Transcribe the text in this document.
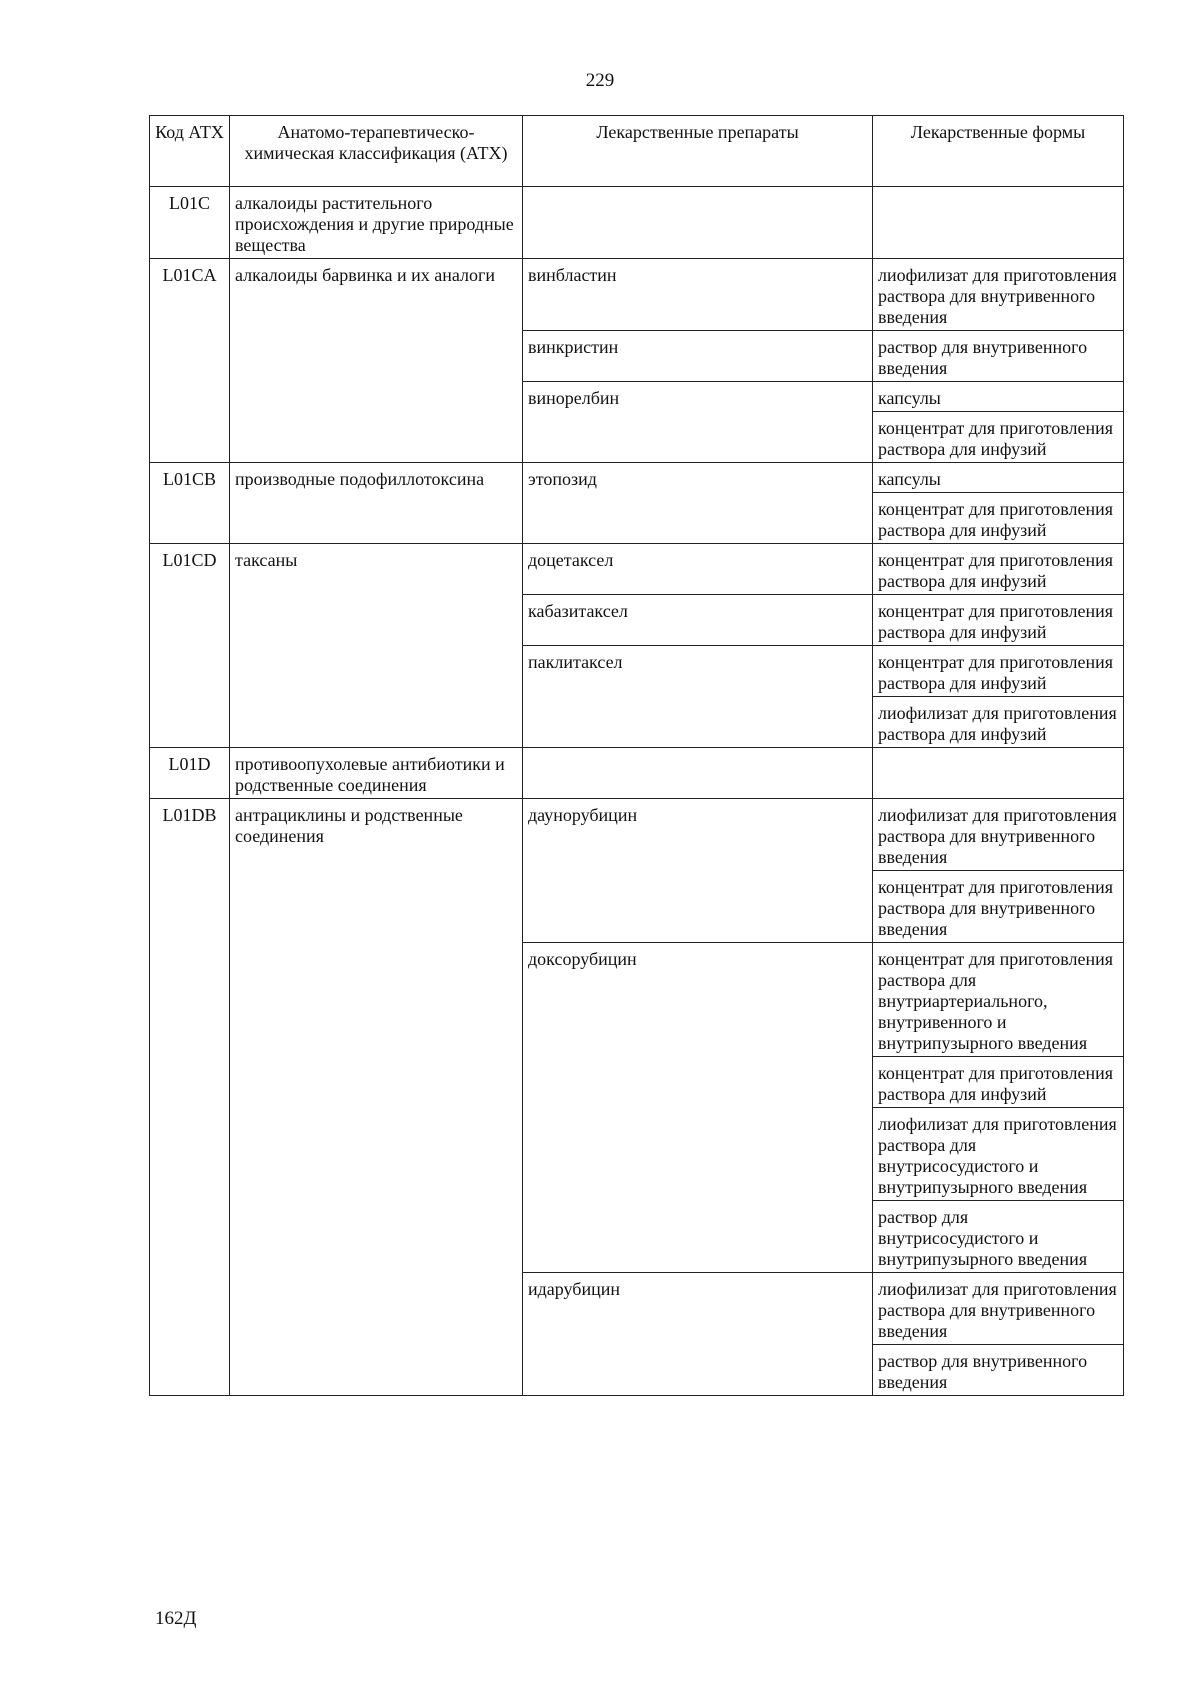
229
Код АТХ	Анатомо-терапевтическо-химическая классификация (АТХ)	Лекарственные препараты	Лекарственные формы
L01C	алкалоиды растительного происхождения и другие природные вещества		
L01CA	алкалоиды барвинка и их аналоги	винбластин	лиофилизат для приготовления раствора для внутривенного введения
		винкристин	раствор для внутривенного введения
		винорелбин	капсулы
			концентрат для приготовления раствора для инфузий
L01CB	производные подофиллотоксина	этопозид	капсулы
			концентрат для приготовления раствора для инфузий
L01CD	таксаны	доцетаксел	концентрат для приготовления раствора для инфузий
		кабазитаксел	концентрат для приготовления раствора для инфузий
		паклитаксел	концентрат для приготовления раствора для инфузий
			лиофилизат для приготовления раствора для инфузий
L01D	противоопухолевые антибиотики и родственные соединения		
L01DB	антрациклины и родственные соединения	даунорубицин	лиофилизат для приготовления раствора для внутривенного введения
			концентрат для приготовления раствора для внутривенного введения
		доксорубицин	концентрат для приготовления раствора для внутриартериального, внутривенного и внутрипузырного введения
			концентрат для приготовления раствора для инфузий
			лиофилизат для приготовления раствора для внутрисосудистого и внутрипузырного введения
			раствор для внутрисосудистого и внутрипузырного введения
		идарубицин	лиофилизат для приготовления раствора для внутривенного введения
			раствор для внутривенного введения
162Д
